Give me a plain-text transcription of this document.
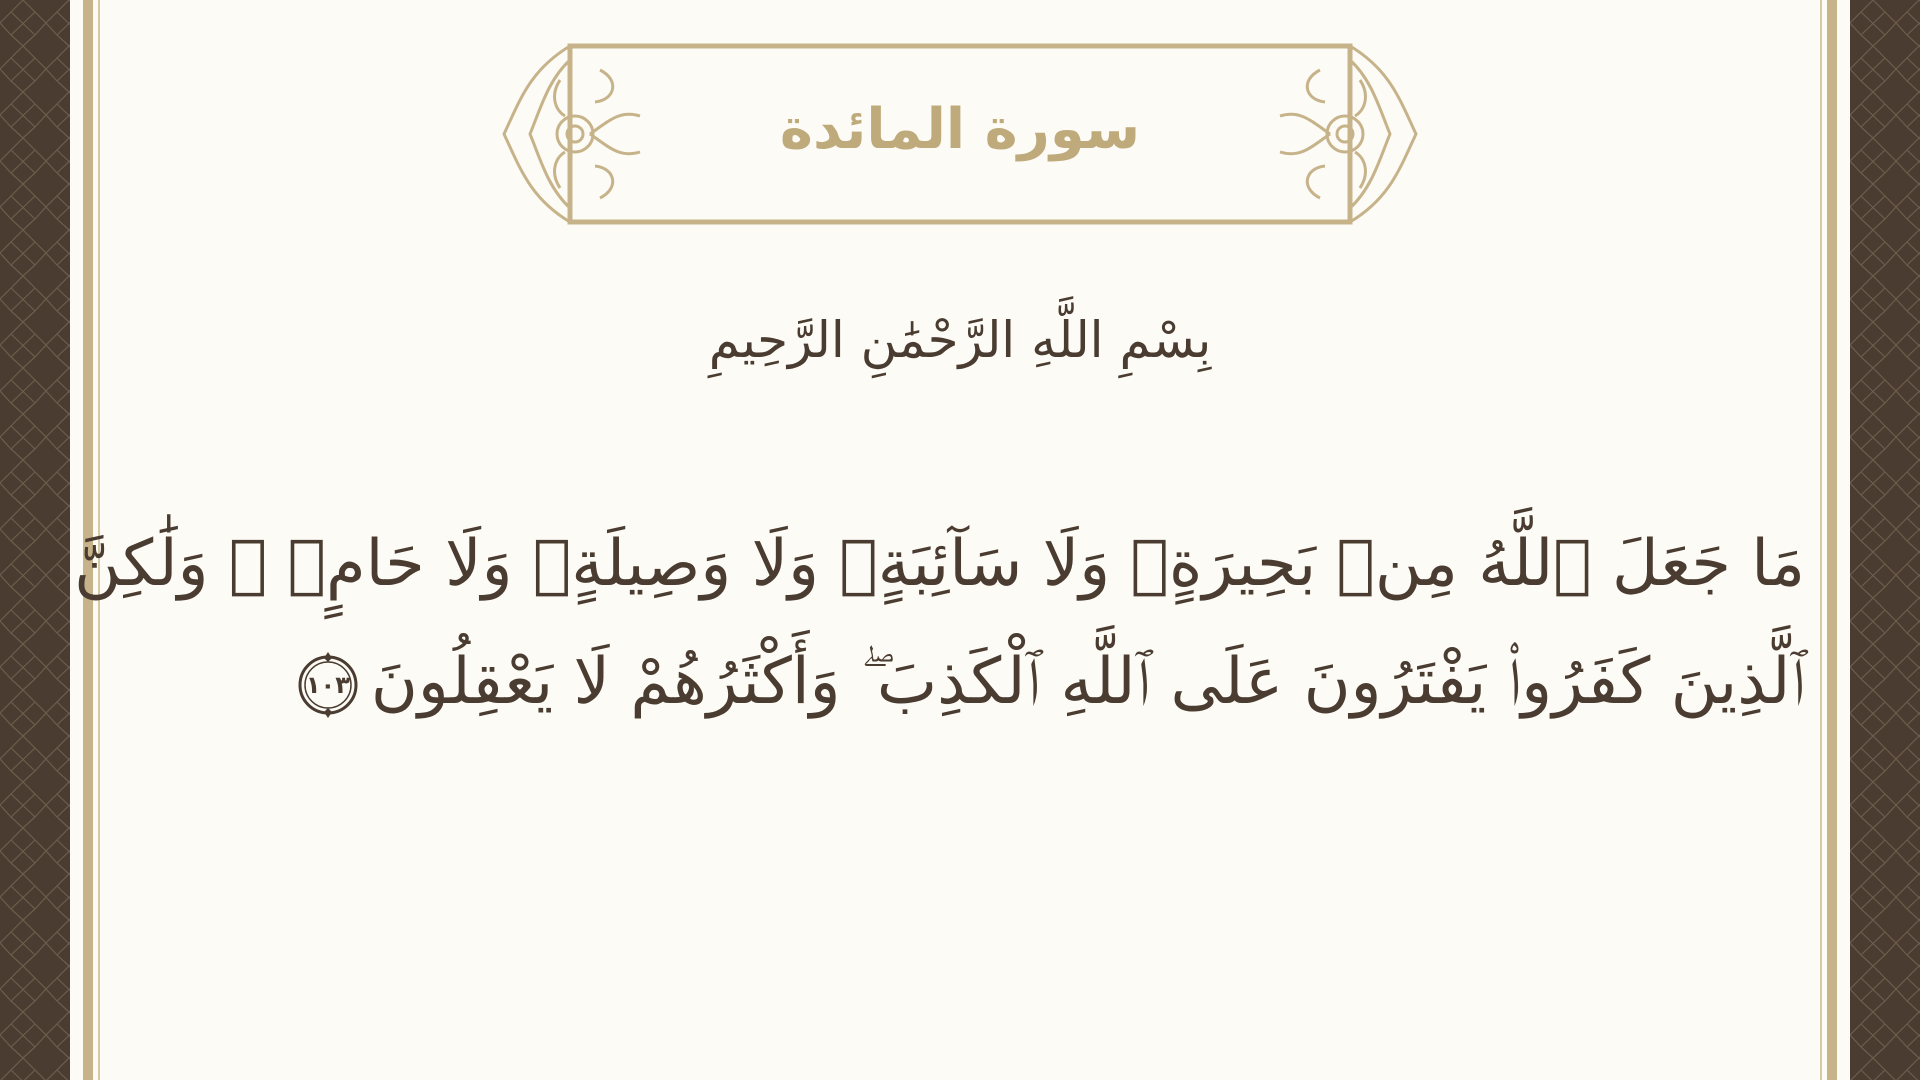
سورة المائدة
بِسْمِ اللَّهِ الرَّحْمَٰنِ الرَّحِيمِ
مَا جَعَلَ ٱللَّهُ مِنۢ بَحِيرَةٍۢ وَلَا سَآئِبَةٍۢ وَلَا وَصِيلَةٍۢ وَلَا حَامٍۢ ۙ وَلَٰكِنَّ
ٱلَّذِينَ كَفَرُوا۟ يَفْتَرُونَ عَلَى ٱللَّهِ ٱلْكَذِبَ ۖ وَأَكْثَرُهُمْ لَا يَعْقِلُونَ
١٠٣
